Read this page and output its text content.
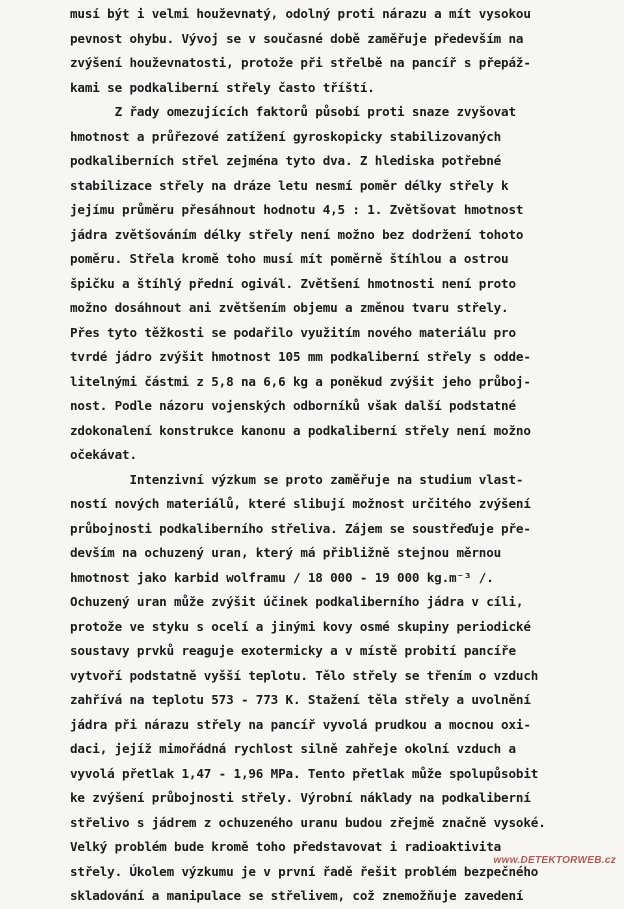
musí být i velmi houževnatý, odolný proti nárazu a mít vysokou
pevnost ohybu. Vývoj se v současné době zaměřuje především na
zvýšení houževnatosti, protože při střelbě na pancíř s přepáž-
kami se podkaliberní střely často tříští.
Z řady omezujících faktorů působí proti snaze zvyšovat
hmotnost a průřezové zatížení gyroskopicky stabilizovaných
podkaliberních střel zejména tyto dva. Z hlediska potřebné
stabilizace střely na dráze letu nesmí poměr délky střely k
jejímu průměru přesáhnout hodnotu 4,5 : 1. Zvětšovat hmotnost
jádra zvětšováním délky střely není možno bez dodržení tohoto
poměru. Střela kromě toho musí mít poměrně štíhlou a ostrou
špičku a štíhlý přední ogivál. Zvětšení hmotnosti není proto
možno dosáhnout ani zvětšením objemu a změnou tvaru střely.
Přes tyto těžkosti se podařilo využitím nového materiálu pro
tvrdé jádro zvýšit hmotnost 105 mm podkaliberní střely s odde-
litelnými částmi z 5,8 na 6,6 kg a poněkud zvýšit jeho průboj-
nost. Podle názoru vojenských odborníků však další podstatné
zdokonalení konstrukce kanonu a podkaliberní střely není možno
očekávat.
Intenzivní výzkum se proto zaměřuje na studium vlast-
ností nových materiálů, které slibují možnost určitého zvýšení
průbojnosti podkaliberního střeliva. Zájem se soustřeďuje pře-
devším na ochuzený uran, který má přibližně stejnou měrnou
hmotnost jako karbid wolframu / 18 000 - 19 000 kg.m⁻³ /.
Ochuzený uran může zvýšit účinek podkaliberního jádra v cíli,
protože ve styku s ocelí a jinými kovy osmé skupiny periodické
soustavy prvků reaguje exotermicky a v místě probití pancíře
vytvoří podstatně vyšší teplotu. Tělo střely se třením o vzduch
zahřívá na teplotu 573 - 773 K. Stažení těla střely a uvolnění
jádra při nárazu střely na pancíř vyvolá prudkou a mocnou oxi-
daci, jejíž mimořádná rychlost silně zahřeje okolní vzduch a
vyvolá přetlak 1,47 - 1,96 MPa. Tento přetlak může spolupůsobit
ke zvýšení průbojnosti střely. Výrobní náklady na podkaliberní
střelivo s jádrem z ochuzeného uranu budou zřejmě značně vysoké.
Velký problém bude kromě toho představovat i radioaktivita
střely. Úkolem výzkumu je v první řadě řešit problém bezpečného
skladování a manipulace se střelivem, což znemožňuje zavedení
www.DETEKTORWEB.cz
